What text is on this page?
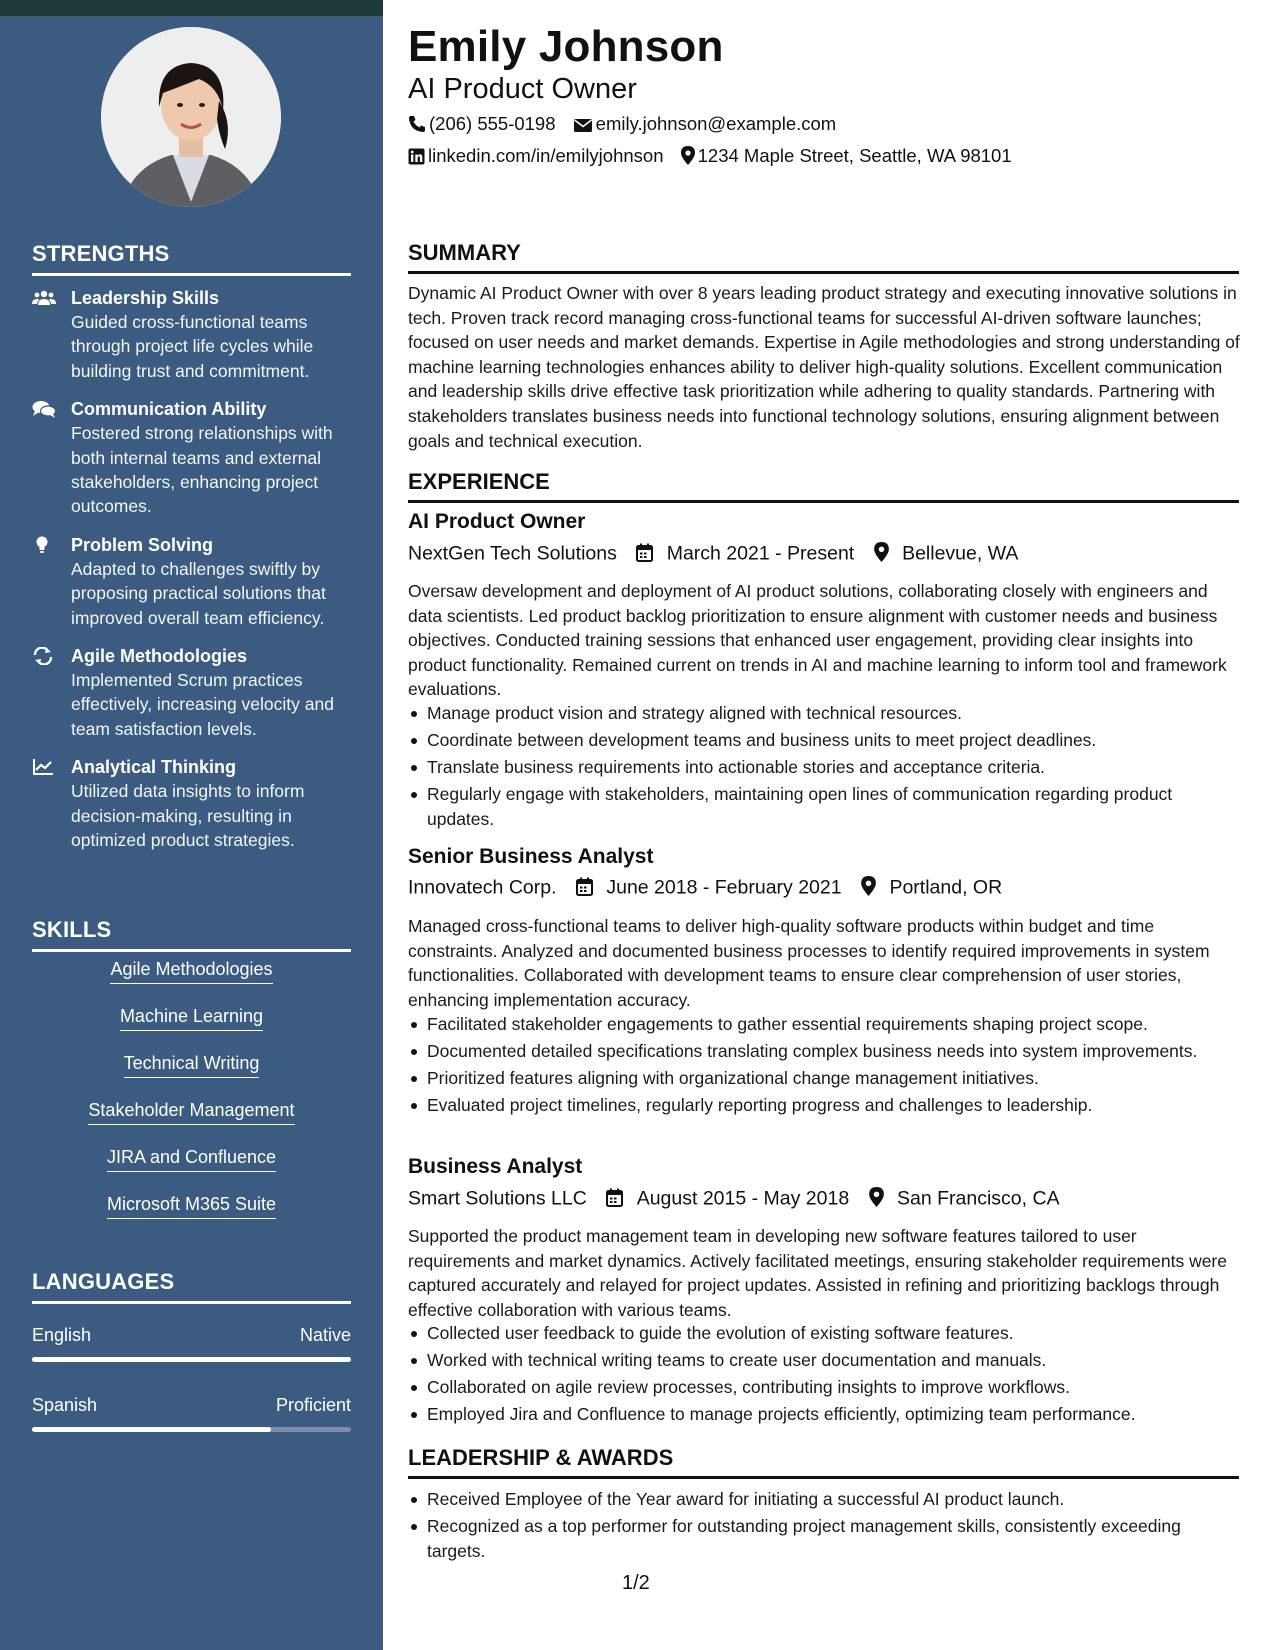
STRENGTHS
Leadership Skills
Guided cross-functional teams through project life cycles while building trust and commitment.
Communication Ability
Fostered strong relationships with both internal teams and external stakeholders, enhancing project outcomes.
Problem Solving
Adapted to challenges swiftly by proposing practical solutions that improved overall team efficiency.
Agile Methodologies
Implemented Scrum practices effectively, increasing velocity and team satisfaction levels.
Analytical Thinking
Utilized data insights to inform decision-making, resulting in optimized product strategies.
SKILLS
Agile Methodologies
Machine Learning
Technical Writing
Stakeholder Management
JIRA and Confluence
Microsoft M365 Suite
LANGUAGES
English	Native
Spanish	Proficient
Emily Johnson
AI Product Owner
(206) 555-0198 emily.johnson@example.com
linkedin.com/in/emilyjohnson 1234 Maple Street, Seattle, WA 98101
SUMMARY
Dynamic AI Product Owner with over 8 years leading product strategy and executing innovative solutions in tech. Proven track record managing cross-functional teams for successful AI-driven software launches; focused on user needs and market demands. Expertise in Agile methodologies and strong understanding of machine learning technologies enhances ability to deliver high-quality solutions. Excellent communication and leadership skills drive effective task prioritization while adhering to quality standards. Partnering with stakeholders translates business needs into functional technology solutions, ensuring alignment between goals and technical execution.
EXPERIENCE
AI Product Owner
NextGen Tech Solutions	March 2021 - Present Bellevue, WA
Oversaw development and deployment of AI product solutions, collaborating closely with engineers and data scientists. Led product backlog prioritization to ensure alignment with customer needs and business objectives. Conducted training sessions that enhanced user engagement, providing clear insights into product functionality. Remained current on trends in AI and machine learning to inform tool and framework evaluations.
Manage product vision and strategy aligned with technical resources.
Coordinate between development teams and business units to meet project deadlines.
Translate business requirements into actionable stories and acceptance criteria.
Regularly engage with stakeholders, maintaining open lines of communication regarding product updates.
Senior Business Analyst
Innovatech Corp.	June 2018 - February 2021 Portland, OR
Managed cross-functional teams to deliver high-quality software products within budget and time constraints. Analyzed and documented business processes to identify required improvements in system functionalities. Collaborated with development teams to ensure clear comprehension of user stories, enhancing implementation accuracy.
Facilitated stakeholder engagements to gather essential requirements shaping project scope.
Documented detailed specifications translating complex business needs into system improvements.
Prioritized features aligning with organizational change management initiatives.
Evaluated project timelines, regularly reporting progress and challenges to leadership.
Business Analyst
Smart Solutions LLC	August 2015 - May 2018 San Francisco, CA
Supported the product management team in developing new software features tailored to user requirements and market dynamics. Actively facilitated meetings, ensuring stakeholder requirements were captured accurately and relayed for project updates. Assisted in refining and prioritizing backlogs through effective collaboration with various teams.
Collected user feedback to guide the evolution of existing software features.
Worked with technical writing teams to create user documentation and manuals.
Collaborated on agile review processes, contributing insights to improve workflows.
Employed Jira and Confluence to manage projects efficiently, optimizing team performance.
LEADERSHIP & AWARDS
Received Employee of the Year award for initiating a successful AI product launch.
Recognized as a top performer for outstanding project management skills, consistently exceeding targets.
1/2
